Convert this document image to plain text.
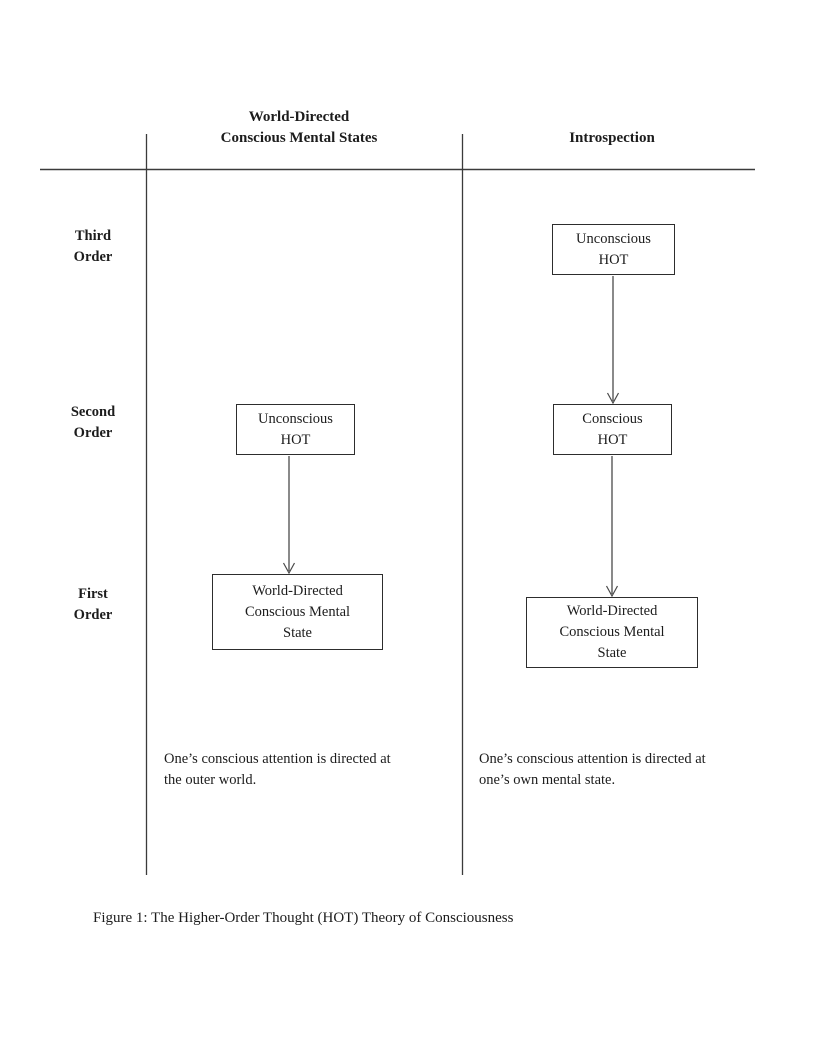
World-Directed
Conscious Mental States	Introspection
Third
Order
Second
Order
First
Order
Unconscious
HOT
Unconscious
HOT
Conscious
HOT
World-Directed
Conscious Mental
State
World-Directed
Conscious Mental
State
One’s conscious attention is directed at
the outer world.
One’s conscious attention is directed at
one’s own mental state.
Figure 1: The Higher-Order Thought (HOT) Theory of Consciousness
